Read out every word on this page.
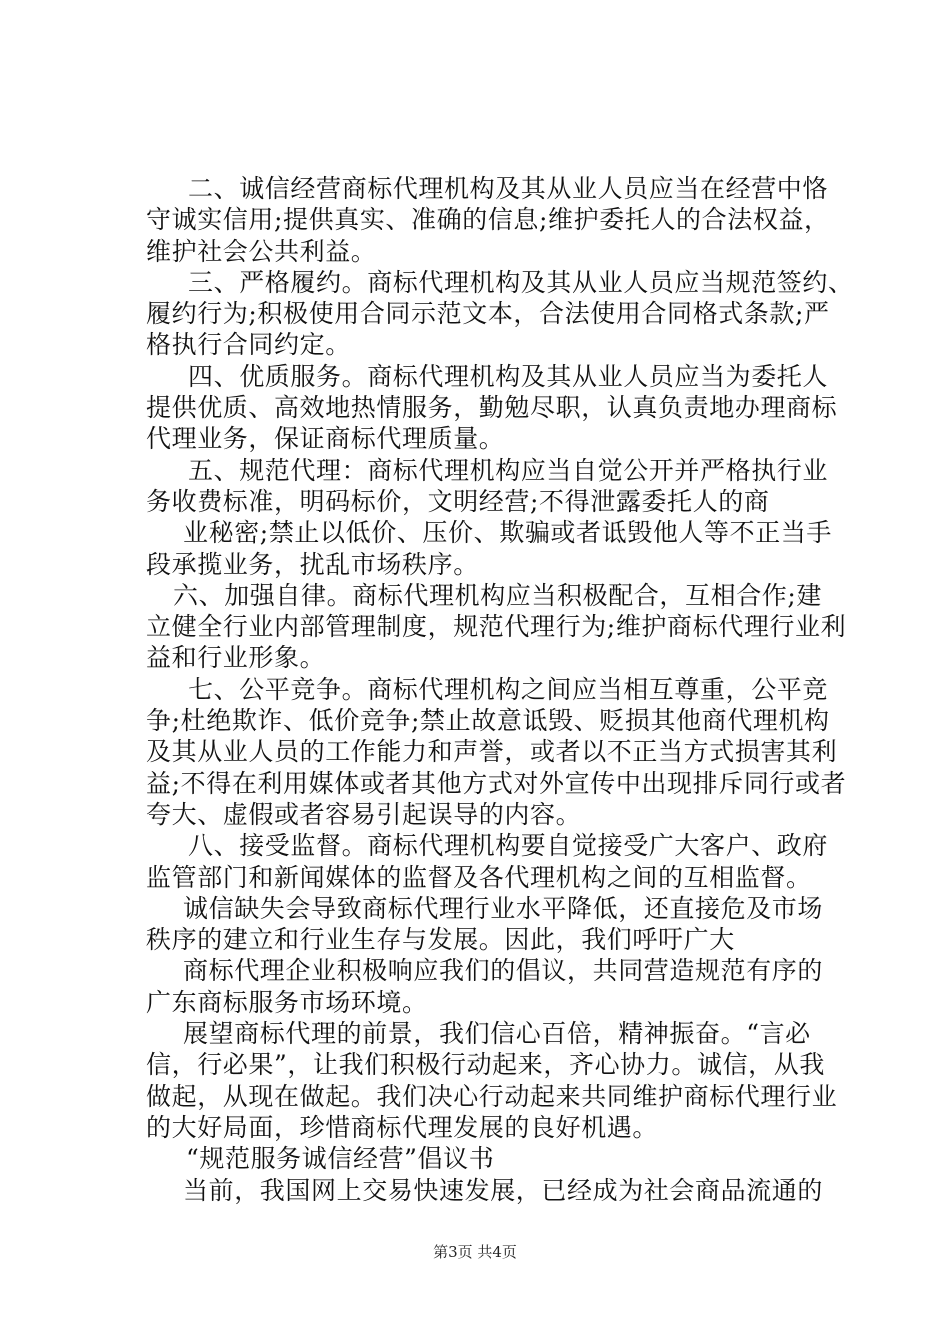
二、诚信经营商标代理机构及其从业人员应当在经营中恪
守诚实信用;提供真实、准确的信息;维护委托人的合法权益，
维护社会公共利益。
三、严格履约。商标代理机构及其从业人员应当规范签约、
履约行为;积极使用合同示范文本，合法使用合同格式条款;严
格执行合同约定。
四、优质服务。商标代理机构及其从业人员应当为委托人
提供优质、高效地热情服务，勤勉尽职，认真负责地办理商标
代理业务，保证商标代理质量。
五、规范代理：商标代理机构应当自觉公开并严格执行业
务收费标准，明码标价，文明经营;不得泄露委托人的商
业秘密;禁止以低价、压价、欺骗或者诋毁他人等不正当手
段承揽业务，扰乱市场秩序。
六、加强自律。商标代理机构应当积极配合，互相合作;建
立健全行业内部管理制度，规范代理行为;维护商标代理行业利
益和行业形象。
七、公平竞争。商标代理机构之间应当相互尊重，公平竞
争;杜绝欺诈、低价竞争;禁止故意诋毁、贬损其他商代理机构
及其从业人员的工作能力和声誉，或者以不正当方式损害其利
益;不得在利用媒体或者其他方式对外宣传中出现排斥同行或者
夸大、虚假或者容易引起误导的内容。
八、接受监督。商标代理机构要自觉接受广大客户、政府
监管部门和新闻媒体的监督及各代理机构之间的互相监督。
诚信缺失会导致商标代理行业水平降低，还直接危及市场
秩序的建立和行业生存与发展。因此，我们呼吁广大
商标代理企业积极响应我们的倡议，共同营造规范有序的
广东商标服务市场环境。
展望商标代理的前景，我们信心百倍，精神振奋。“言必
信，行必果”，让我们积极行动起来，齐心协力。诚信，从我
做起，从现在做起。我们决心行动起来共同维护商标代理行业
的大好局面，珍惜商标代理发展的良好机遇。
“规范服务诚信经营”倡议书
当前，我国网上交易快速发展，已经成为社会商品流通的
第3页 共4页
